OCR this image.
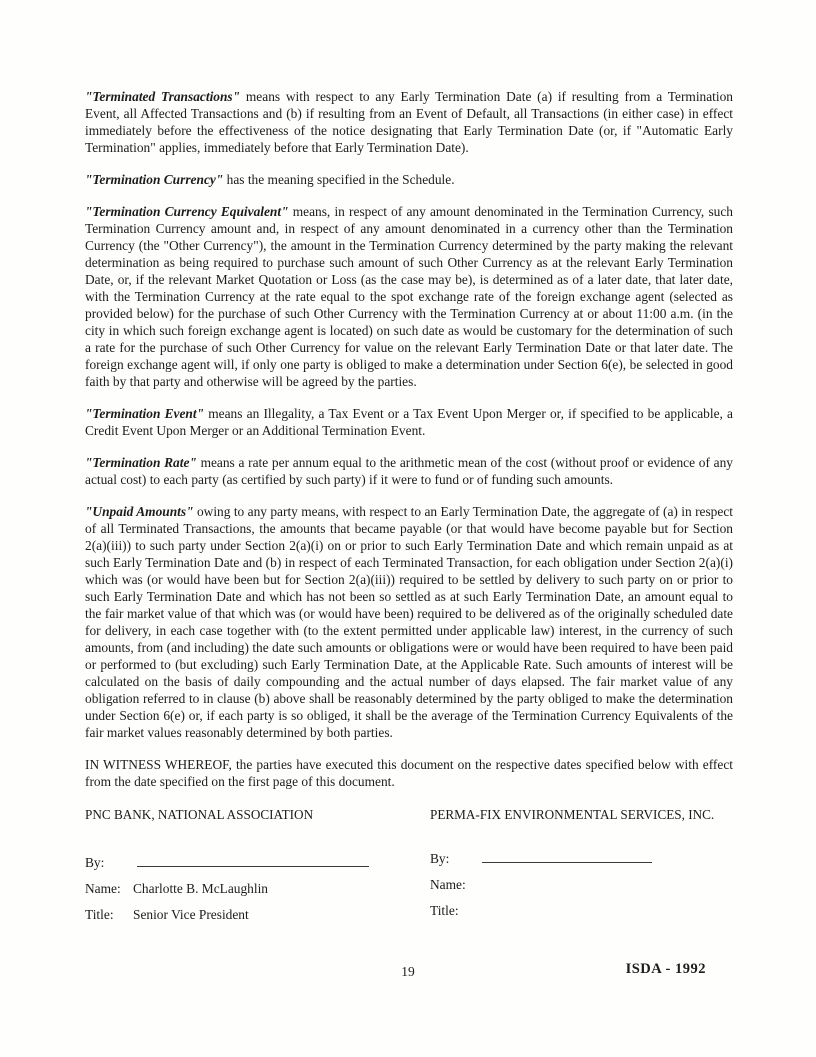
"Terminated Transactions" means with respect to any Early Termination Date (a) if resulting from a Termination Event, all Affected Transactions and (b) if resulting from an Event of Default, all Transactions (in either case) in effect immediately before the effectiveness of the notice designating that Early Termination Date (or, if "Automatic Early Termination" applies, immediately before that Early Termination Date).

"Termination Currency" has the meaning specified in the Schedule.

"Termination Currency Equivalent" means, in respect of any amount denominated in the Termination Currency, such Termination Currency amount and, in respect of any amount denominated in a currency other than the Termination Currency (the "Other Currency"), the amount in the Termination Currency determined by the party making the relevant determination as being required to purchase such amount of such Other Currency as at the relevant Early Termination Date, or, if the relevant Market Quotation or Loss (as the case may be), is determined as of a later date, that later date, with the Termination Currency at the rate equal to the spot exchange rate of the foreign exchange agent (selected as provided below) for the purchase of such Other Currency with the Termination Currency at or about 11:00 a.m. (in the city in which such foreign exchange agent is located) on such date as would be customary for the determination of such a rate for the purchase of such Other Currency for value on the relevant Early Termination Date or that later date. The foreign exchange agent will, if only one party is obliged to make a determination under Section 6(e), be selected in good faith by that party and otherwise will be agreed by the parties.

"Termination Event" means an Illegality, a Tax Event or a Tax Event Upon Merger or, if specified to be applicable, a Credit Event Upon Merger or an Additional Termination Event.

"Termination Rate" means a rate per annum equal to the arithmetic mean of the cost (without proof or evidence of any actual cost) to each party (as certified by such party) if it were to fund or of funding such amounts.

"Unpaid Amounts" owing to any party means, with respect to an Early Termination Date, the aggregate of (a) in respect of all Terminated Transactions, the amounts that became payable (or that would have become payable but for Section 2(a)(iii)) to such party under Section 2(a)(i) on or prior to such Early Termination Date and which remain unpaid as at such Early Termination Date and (b) in respect of each Terminated Transaction, for each obligation under Section 2(a)(i) which was (or would have been but for Section 2(a)(iii)) required to be settled by delivery to such party on or prior to such Early Termination Date and which has not been so settled as at such Early Termination Date, an amount equal to the fair market value of that which was (or would have been) required to be delivered as of the originally scheduled date for delivery, in each case together with (to the extent permitted under applicable law) interest, in the currency of such amounts, from (and including) the date such amounts or obligations were or would have been required to have been paid or performed to (but excluding) such Early Termination Date, at the Applicable Rate. Such amounts of interest will be calculated on the basis of daily compounding and the actual number of days elapsed. The fair market value of any obligation referred to in clause (b) above shall be reasonably determined by the party obliged to make the determination under Section 6(e) or, if each party is so obliged, it shall be the average of the Termination Currency Equivalents of the fair market values reasonably determined by both parties.

IN WITNESS WHEREOF, the parties have executed this document on the respective dates specified below with effect from the date specified on the first page of this document.

PNC BANK, NATIONAL ASSOCIATION
By:
Name: Charlotte B. McLaughlin
Title:	Senior Vice President
PERMA-FIX ENVIRONMENTAL SERVICES, INC.
By:
Name:
Title:
19	ISDA - 1992
